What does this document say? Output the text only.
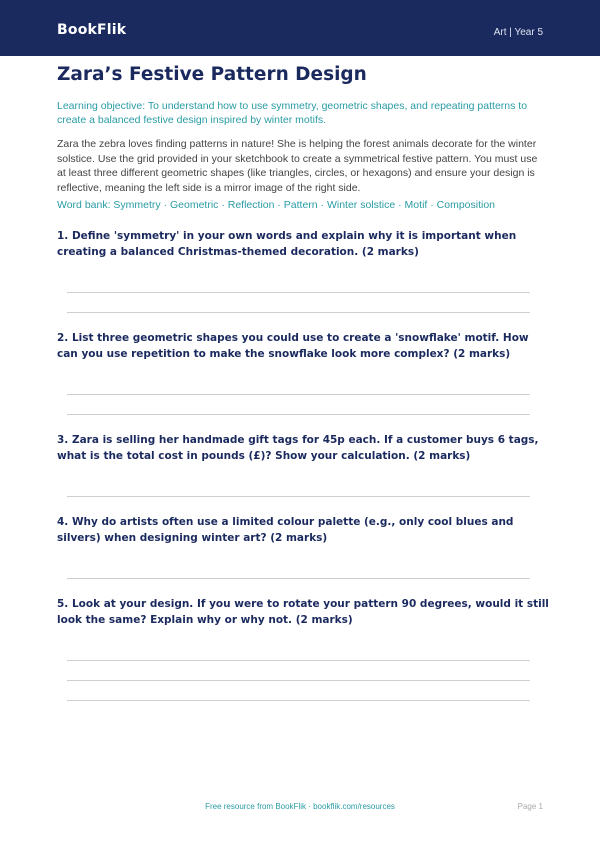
BookFlik	Art | Year 5
Zara’s Festive Pattern Design
Learning objective: To understand how to use symmetry, geometric shapes, and repeating patterns to create a balanced festive design inspired by winter motifs.
Zara the zebra loves finding patterns in nature! She is helping the forest animals decorate for the winter solstice. Use the grid provided in your sketchbook to create a symmetrical festive pattern. You must use at least three different geometric shapes (like triangles, circles, or hexagons) and ensure your design is reflective, meaning the left side is a mirror image of the right side.
Word bank: Symmetry · Geometric · Reflection · Pattern · Winter solstice · Motif · Composition
1. Define 'symmetry' in your own words and explain why it is important when creating a balanced Christmas-themed decoration. (2 marks)
2. List three geometric shapes you could use to create a 'snowflake' motif. How can you use repetition to make the snowflake look more complex? (2 marks)
3. Zara is selling her handmade gift tags for 45p each. If a customer buys 6 tags, what is the total cost in pounds (£)? Show your calculation. (2 marks)
4. Why do artists often use a limited colour palette (e.g., only cool blues and silvers) when designing winter art? (2 marks)
5. Look at your design. If you were to rotate your pattern 90 degrees, would it still look the same? Explain why or why not. (2 marks)
Free resource from BookFlik · bookflik.com/resources	Page 1
